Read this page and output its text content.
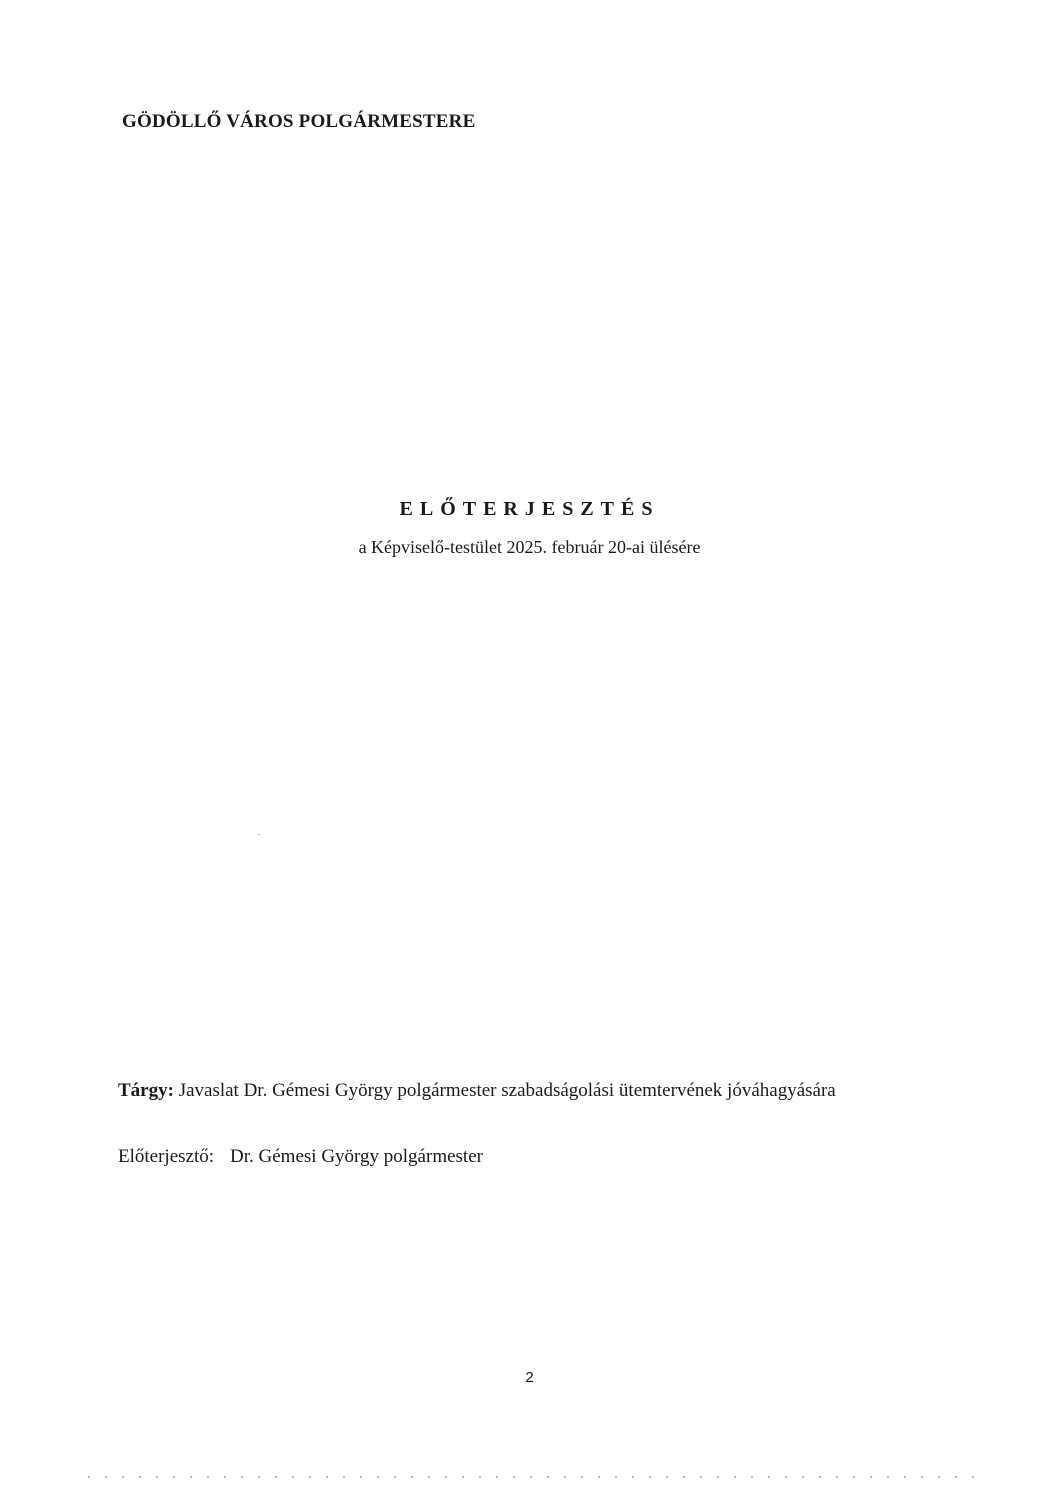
GÖDÖLLŐ VÁROS POLGÁRMESTERE
ELŐTERJESZTÉS
a Képviselő-testület 2025. február 20-ai ülésére
Tárgy: Javaslat Dr. Gémesi György polgármester szabadságolási ütemtervének jóváhagyására
Előterjesztő: Dr. Gémesi György polgármester
2
